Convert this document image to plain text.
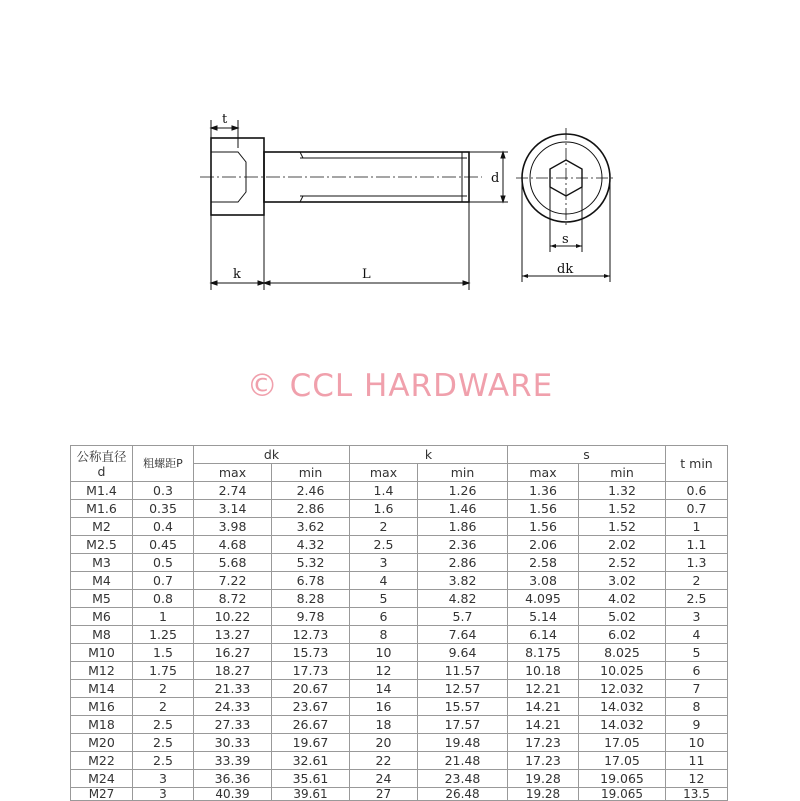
t
d
k	L
s
dk
© CCL HARDWARE
公称直径
d	粗螺距P	dk		k		s		t min
		max	min	max	min	max	min	
M1.4	0.3	2.74	2.46	1.4	1.26	1.36	1.32	0.6
M1.6	0.35	3.14	2.86	1.6	1.46	1.56	1.52	0.7
M2	0.4	3.98	3.62	2	1.86	1.56	1.52	1
M2.5	0.45	4.68	4.32	2.5	2.36	2.06	2.02	1.1
M3	0.5	5.68	5.32	3	2.86	2.58	2.52	1.3
M4	0.7	7.22	6.78	4	3.82	3.08	3.02	2
M5	0.8	8.72	8.28	5	4.82	4.095	4.02	2.5
M6	1	10.22	9.78	6	5.7	5.14	5.02	3
M8	1.25	13.27	12.73	8	7.64	6.14	6.02	4
M10	1.5	16.27	15.73	10	9.64	8.175	8.025	5
M12	1.75	18.27	17.73	12	11.57	10.18	10.025	6
M14	2	21.33	20.67	14	12.57	12.21	12.032	7
M16	2	24.33	23.67	16	15.57	14.21	14.032	8
M18	2.5	27.33	26.67	18	17.57	14.21	14.032	9
M20	2.5	30.33	19.67	20	19.48	17.23	17.05	10
M22	2.5	33.39	32.61	22	21.48	17.23	17.05	11
M24	3	36.36	35.61	24	23.48	19.28	19.065	12
M27	3	40.39	39.61	27	26.48	19.28	19.065	13.5
